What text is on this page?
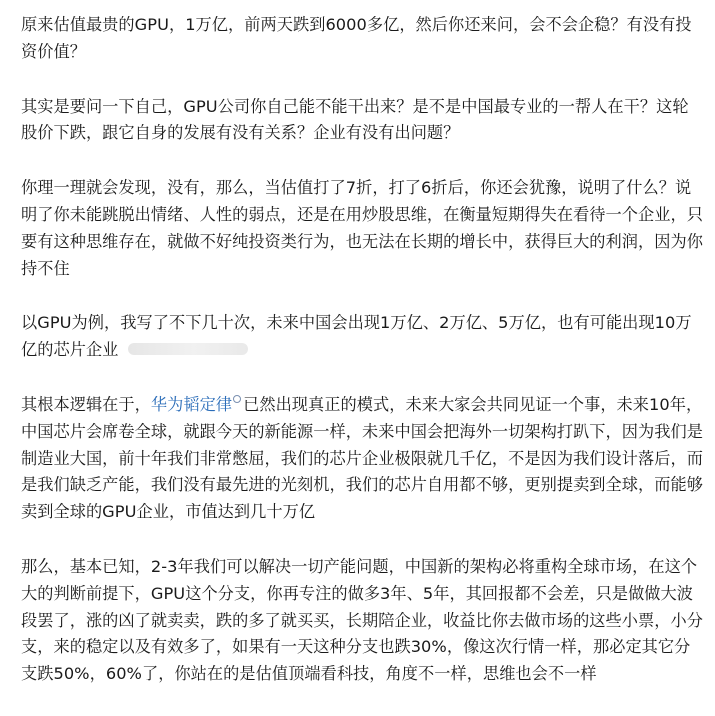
原来估值最贵的GPU，1万亿，前两天跌到6000多亿，然后你还来问，会不会企稳？有没有投资价值？

其实是要问一下自己，GPU公司你自己能不能干出来？是不是中国最专业的一帮人在干？这轮股价下跌，跟它自身的发展有没有关系？企业有没有出问题？

你理一理就会发现，没有，那么，当估值打了7折，打了6折后，你还会犹豫，说明了什么？说明了你未能跳脱出情绪、人性的弱点，还是在用炒股思维，在衡量短期得失在看待一个企业，只要有这种思维存在，就做不好纯投资类行为，也无法在长期的增长中，获得巨大的利润，因为你持不住

以GPU为例，我写了不下几十次，未来中国会出现1万亿、2万亿、5万亿，也有可能出现10万亿的芯片企业

其根本逻辑在于，华为韬定律 已然出现真正的模式，未来大家会共同见证一个事，未来10年，中国芯片会席卷全球，就跟今天的新能源一样，未来中国会把海外一切架构打趴下，因为我们是制造业大国，前十年我们非常憋屈，我们的芯片企业极限就几千亿，不是因为我们设计落后，而是我们缺乏产能，我们没有最先进的光刻机，我们的芯片自用都不够，更别提卖到全球，而能够卖到全球的GPU企业，市值达到几十万亿

那么，基本已知，2-3年我们可以解决一切产能问题，中国新的架构必将重构全球市场，在这个大的判断前提下，GPU这个分支，你再专注的做多3年、5年，其回报都不会差，只是做做大波段罢了，涨的凶了就卖卖，跌的多了就买买，长期陪企业，收益比你去做市场的这些小票，小分支，来的稳定以及有效多了，如果有一天这种分支也跌30%，像这次行情一样，那必定其它分支跌50%，60%了，你站在的是估值顶端看科技，角度不一样，思维也会不一样
